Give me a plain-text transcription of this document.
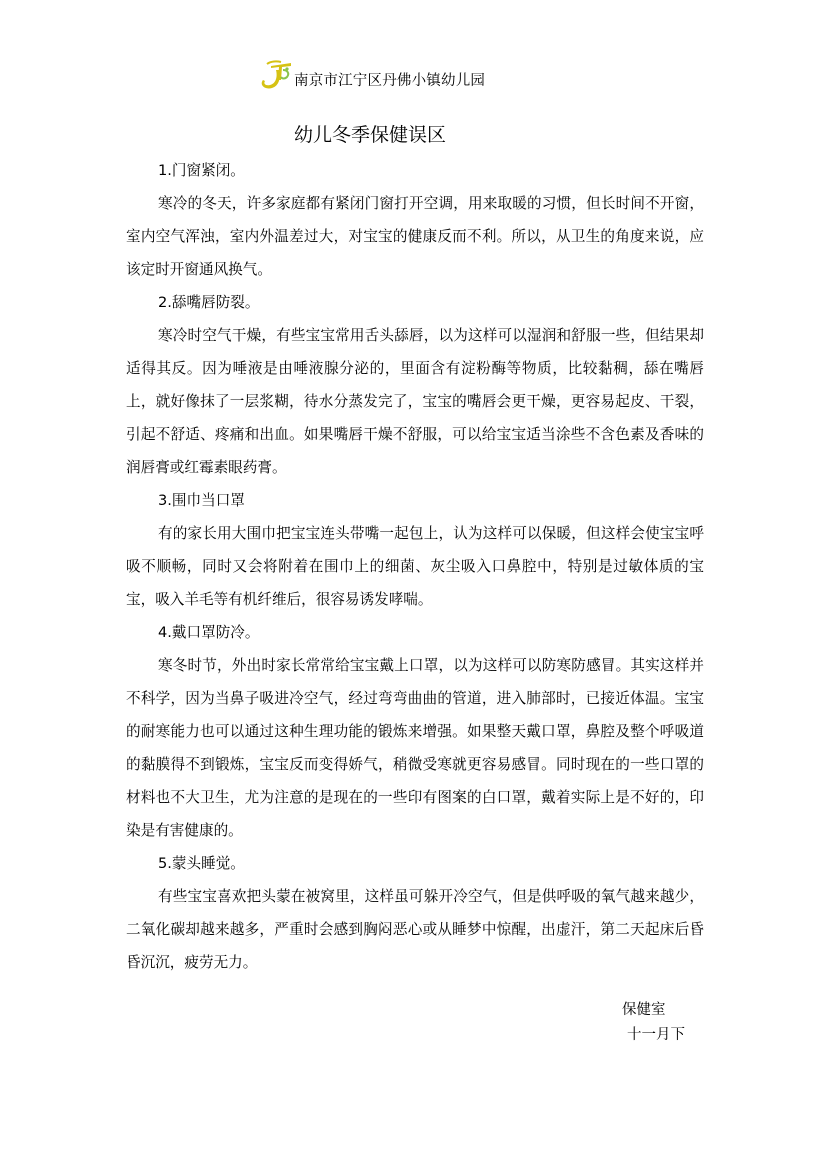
南京市江宁区丹佛小镇幼儿园
幼儿冬季保健误区
1.门窗紧闭。

寒冷的冬天，许多家庭都有紧闭门窗打开空调，用来取暖的习惯，但长时间不开窗，室内空气浑浊，室内外温差过大，对宝宝的健康反而不利。所以，从卫生的角度来说，应该定时开窗通风换气。

2.舔嘴唇防裂。

寒冷时空气干燥，有些宝宝常用舌头舔唇，以为这样可以湿润和舒服一些，但结果却适得其反。因为唾液是由唾液腺分泌的，里面含有淀粉酶等物质，比较黏稠，舔在嘴唇上，就好像抹了一层浆糊，待水分蒸发完了，宝宝的嘴唇会更干燥，更容易起皮、干裂，引起不舒适、疼痛和出血。如果嘴唇干燥不舒服，可以给宝宝适当涂些不含色素及香味的润唇膏或红霉素眼药膏。

3.围巾当口罩

有的家长用大围巾把宝宝连头带嘴一起包上，认为这样可以保暖，但这样会使宝宝呼吸不顺畅，同时又会将附着在围巾上的细菌、灰尘吸入口鼻腔中，特别是过敏体质的宝宝，吸入羊毛等有机纤维后，很容易诱发哮喘。

4.戴口罩防冷。

寒冬时节，外出时家长常常给宝宝戴上口罩，以为这样可以防寒防感冒。其实这样并不科学，因为当鼻子吸进冷空气，经过弯弯曲曲的管道，进入肺部时，已接近体温。宝宝的耐寒能力也可以通过这种生理功能的锻炼来增强。如果整天戴口罩，鼻腔及整个呼吸道的黏膜得不到锻炼，宝宝反而变得娇气，稍微受寒就更容易感冒。同时现在的一些口罩的材料也不大卫生，尤为注意的是现在的一些印有图案的白口罩，戴着实际上是不好的，印染是有害健康的。

5.蒙头睡觉。

有些宝宝喜欢把头蒙在被窝里，这样虽可躲开冷空气，但是供呼吸的氧气越来越少，二氧化碳却越来越多，严重时会感到胸闷恶心或从睡梦中惊醒，出虚汗，第二天起床后昏昏沉沉，疲劳无力。

保健室
十一月下
